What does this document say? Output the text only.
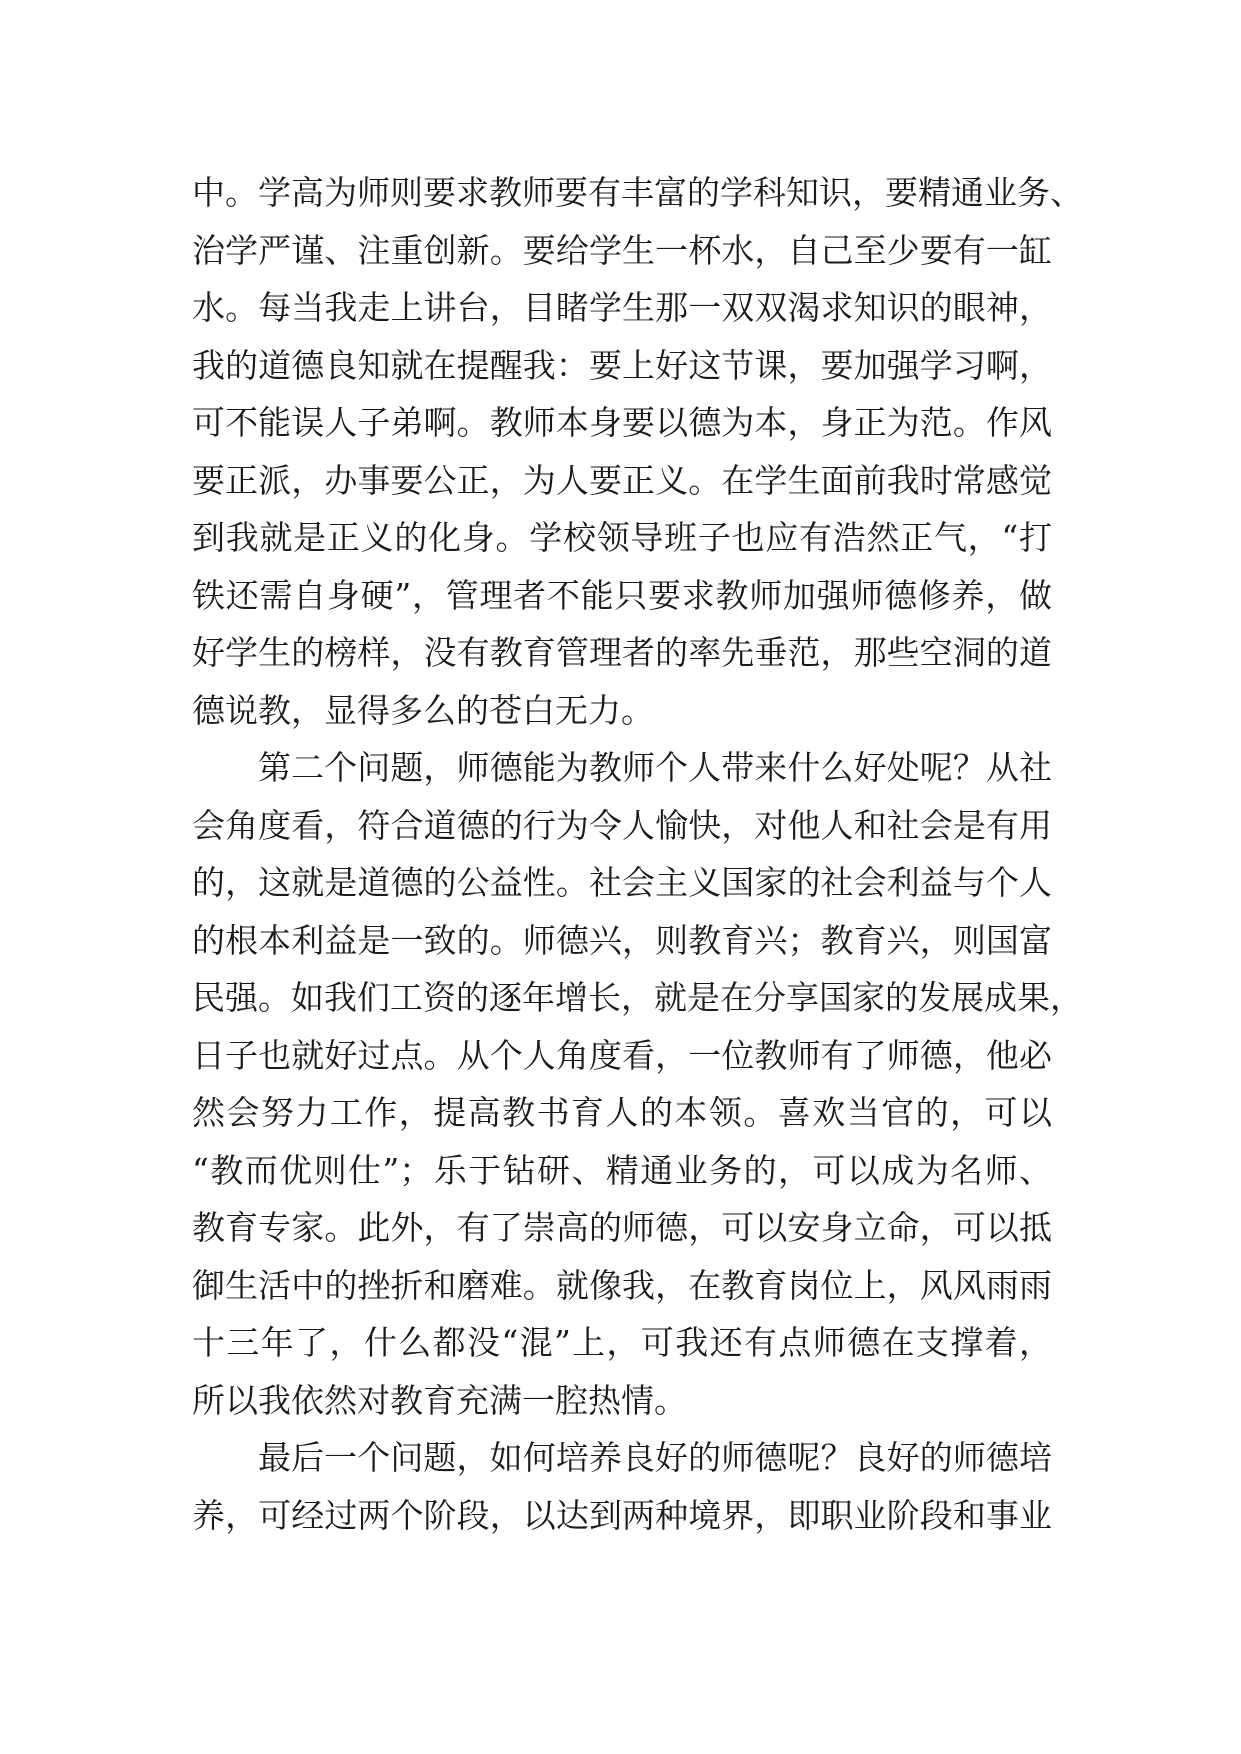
中。学高为师则要求教师要有丰富的学科知识，要精通业务、
治学严谨、注重创新。要给学生一杯水，自己至少要有一缸
水。每当我走上讲台，目睹学生那一双双渴求知识的眼神，
我的道德良知就在提醒我：要上好这节课，要加强学习啊，
可不能误人子弟啊。教师本身要以德为本，身正为范。作风
要正派，办事要公正，为人要正义。在学生面前我时常感觉
到我就是正义的化身。学校领导班子也应有浩然正气，“打
铁还需自身硬”，管理者不能只要求教师加强师德修养，做
好学生的榜样，没有教育管理者的率先垂范，那些空洞的道
德说教，显得多么的苍白无力。
第二个问题，师德能为教师个人带来什么好处呢？从社
会角度看，符合道德的行为令人愉快，对他人和社会是有用
的，这就是道德的公益性。社会主义国家的社会利益与个人
的根本利益是一致的。师德兴，则教育兴；教育兴，则国富
民强。如我们工资的逐年增长，就是在分享国家的发展成果，
日子也就好过点。从个人角度看，一位教师有了师德，他必
然会努力工作，提高教书育人的本领。喜欢当官的，可以
“教而优则仕”；乐于钻研、精通业务的，可以成为名师、
教育专家。此外，有了崇高的师德，可以安身立命，可以抵
御生活中的挫折和磨难。就像我，在教育岗位上，风风雨雨
十三年了，什么都没“混”上，可我还有点师德在支撑着，
所以我依然对教育充满一腔热情。
最后一个问题，如何培养良好的师德呢？良好的师德培
养，可经过两个阶段，以达到两种境界，即职业阶段和事业
